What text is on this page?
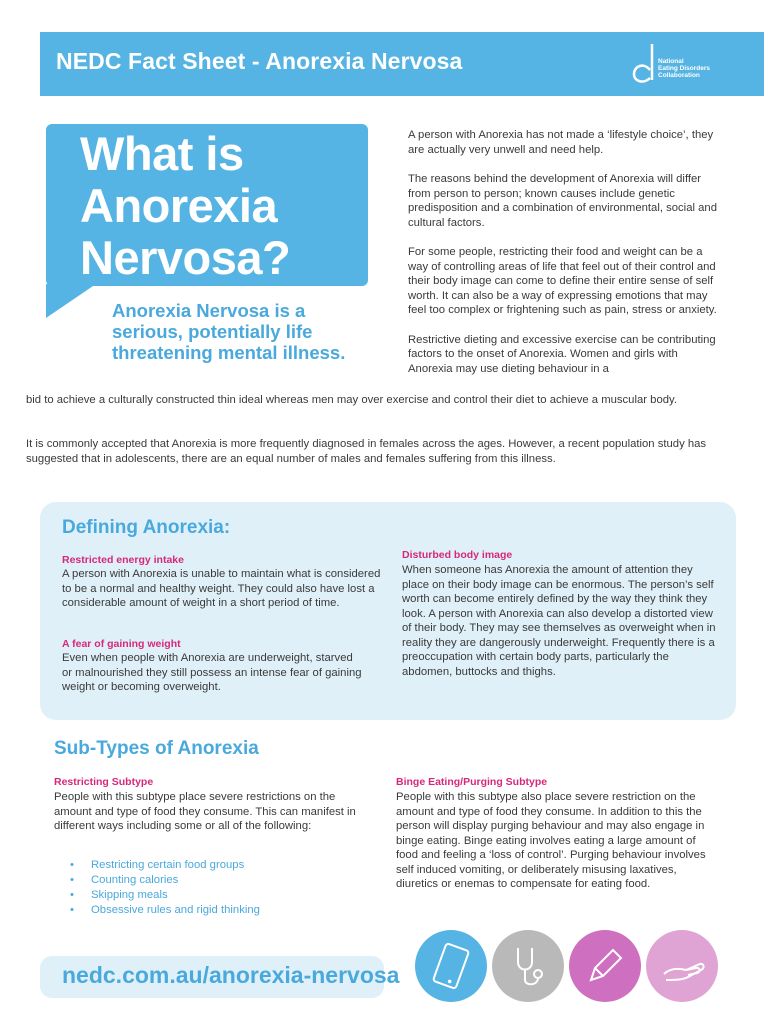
NEDC Fact Sheet - Anorexia Nervosa	National
Eating Disorders
Collaboration
What is
Anorexia
Nervosa?
Anorexia Nervosa is a serious, potentially life threatening mental illness.

A person with Anorexia has not made a ‘lifestyle choice’, they are actually very unwell and need help.

The reasons behind the development of Anorexia will differ from person to person; known causes include genetic predisposition and a combination of environmental, social and cultural factors.

For some people, restricting their food and weight can be a way of controlling areas of life that feel out of their control and their body image can come to define their entire sense of self worth. It can also be a way of expressing emotions that may feel too complex or frightening such as pain, stress or anxiety.

Restrictive dieting and excessive exercise can be contributing factors to the onset of Anorexia. Women and girls with Anorexia may use dieting behaviour in a

bid to achieve a culturally constructed thin ideal whereas men may over exercise and control their diet to achieve a muscular body.
It is commonly accepted that Anorexia is more frequently diagnosed in females across the ages. However, a recent population study has suggested that in adolescents, there are an equal number of males and females suffering from this illness.
Defining Anorexia:
Restricted energy intake
A person with Anorexia is unable to maintain what is considered to be a normal and healthy weight. They could also have lost a considerable amount of weight in a short period of time.
A fear of gaining weight
Even when people with Anorexia are underweight, starved or malnourished they still possess an intense fear of gaining weight or becoming overweight.
Disturbed body image
When someone has Anorexia the amount of attention they place on their body image can be enormous. The person’s self worth can become entirely defined by the way they think they look. A person with Anorexia can also develop a distorted view of their body. They may see themselves as overweight when in reality they are dangerously underweight. Frequently there is a preoccupation with certain body parts, particularly the abdomen, buttocks and thighs.
Sub-Types of Anorexia
Restricting Subtype
People with this subtype place severe restrictions on the amount and type of food they consume. This can manifest in different ways including some or all of the following:
• Restricting certain food groups
• Counting calories
• Skipping meals
• Obsessive rules and rigid thinking
Binge Eating/Purging Subtype
People with this subtype also place severe restriction on the amount and type of food they consume. In addition to this the person will display purging behaviour and may also engage in binge eating. Binge eating involves eating a large amount of food and feeling a ‘loss of control’. Purging behaviour involves self induced vomiting, or deliberately misusing laxatives, diuretics or enemas to compensate for eating food.
nedc.com.au/anorexia-nervosa
